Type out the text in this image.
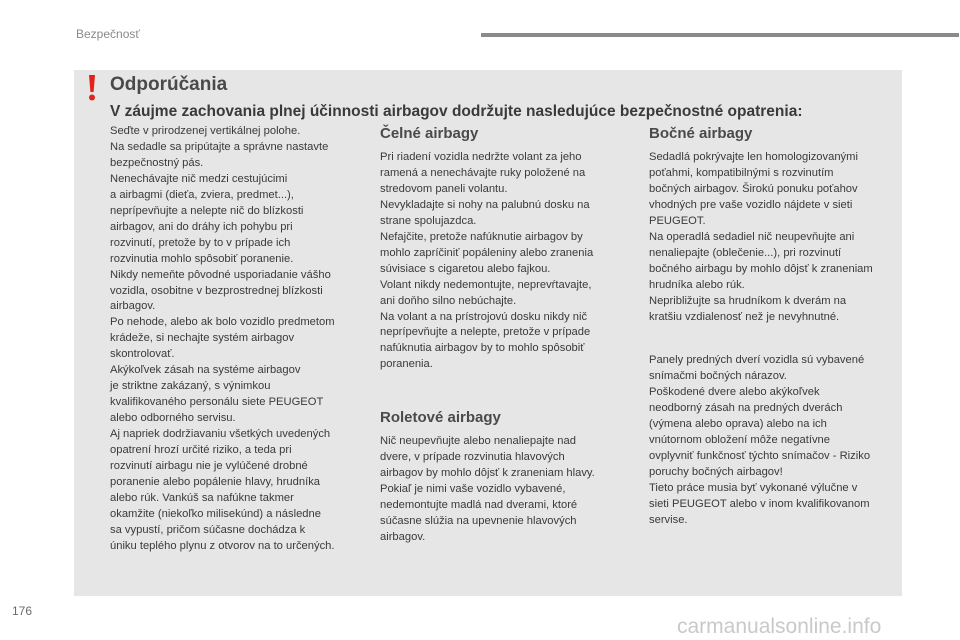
Bezpečnosť
Odporúčania
V záujme zachovania plnej účinnosti airbagov dodržujte nasledujúce bezpečnostné opatrenia:

Seďte v prirodzenej vertikálnej polohe.
Na sedadle sa pripútajte a správne nastavte
bezpečnostný pás.
Nenechávajte nič medzi cestujúcimi
a airbagmi (dieťa, zviera, predmet...),
neprípevňujte a nelepte nič do blízkosti
airbagov, ani do dráhy ich pohybu pri
rozvinutí, pretože by to v prípade ich
rozvinutia mohlo spôsobiť poranenie.
Nikdy nemeňte pôvodné usporiadanie vášho
vozidla, osobitne v bezprostrednej blízkosti
airbagov.
Po nehode, alebo ak bolo vozidlo predmetom
krádeže, si nechajte systém airbagov
skontrolovať.
Akýkoľvek zásah na systéme airbagov
je striktne zakázaný, s výnimkou
kvalifikovaného personálu siete PEUGEOT
alebo odborného servisu.
Aj napriek dodržiavaniu všetkých uvedených
opatrení hrozí určité riziko, a teda pri
rozvinutí airbagu nie je vylúčené drobné
poranenie alebo popálenie hlavy, hrudníka
alebo rúk. Vankúš sa nafúkne takmer
okamžite (niekoľko milisekúnd) a následne
sa vypustí, pričom súčasne dochádza k
úniku teplého plynu z otvorov na to určených.

Čelné airbagy

Pri riadení vozidla nedržte volant za jeho
ramená a nenechávajte ruky položené na
stredovom paneli volantu.
Nevykladajte si nohy na palubnú dosku na
strane spolujazdca.
Nefajčite, pretože nafúknutie airbagov by
mohlo zapríčiniť popáleniny alebo zranenia
súvisiace s cigaretou alebo fajkou.
Volant nikdy nedemontujte, neprevŕtavajte,
ani doňho silno nebúchajte.
Na volant a na prístrojovú dosku nikdy nič
neprípevňujte a nelepte, pretože v prípade
nafúknutia airbagov by to mohlo spôsobiť
poranenia.

Roletové airbagy

Nič neupevňujte alebo nenaliepajte nad
dvere, v prípade rozvinutia hlavových
airbagov by mohlo dôjsť k zraneniam hlavy.
Pokiaľ je nimi vaše vozidlo vybavené,
nedemontujte madlá nad dverami, ktoré
súčasne slúžia na upevnenie hlavových
airbagov.

Bočné airbagy

Sedadlá pokrývajte len homologizovanými
poťahmi, kompatibilnými s rozvinutím
bočných airbagov. Širokú ponuku poťahov
vhodných pre vaše vozidlo nájdete v sieti
PEUGEOT.
Na operadlá sedadiel nič neupevňujte ani
nenaliepajte (oblečenie...), pri rozvinutí
bočného airbagu by mohlo dôjsť k zraneniam
hrudníka alebo rúk.
Nepribližujte sa hrudníkom k dverám na
kratšiu vzdialenosť než je nevyhnutné.

Panely predných dverí vozidla sú vybavené
snímačmi bočných nárazov.
Poškodené dvere alebo akýkoľvek
neodborný zásah na predných dverách
(výmena alebo oprava) alebo na ich
vnútornom obložení môže negatívne
ovplyvniť funkčnosť týchto snímačov - Riziko
poruchy bočných airbagov!
Tieto práce musia byť vykonané výlučne v
sieti PEUGEOT alebo v inom kvalifikovanom
servise.

176
carmanualsonline.info
